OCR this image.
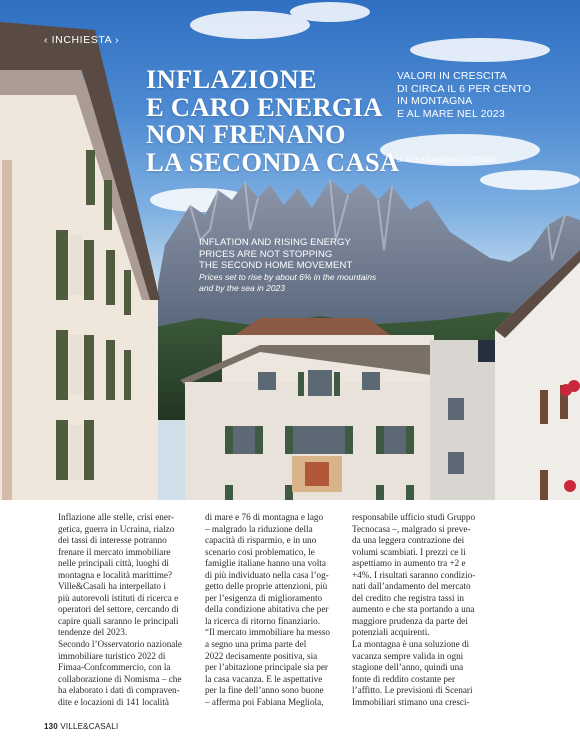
‹ INCHIESTA ›
INFLAZIONE
E CARO ENERGIA
NON FRENANO
LA SECONDA CASA
VALORI IN CRESCITA
DI CIRCA IL 6 PER CENTO
IN MONTAGNA
E AL MARE NEL 2023
di ALESSANDRO LUONGO
INFLATION AND RISING ENERGY
PRICES ARE NOT STOPPING
THE SECOND HOME MOVEMENT
Prices set to rise by about 6% in the mountains
and by the sea in 2023

Inflazione alle stelle, crisi ener-

getica, guerra in Ucraina, rialzo

dei tassi di interesse potranno

frenare il mercato immobiliare

nelle principali città, luoghi di

montagna e località marittime?

Ville&Casali ha interpellato i

più autorevoli istituti di ricerca e

operatori del settore, cercando di

capire quali saranno le principali

tendenze del 2023.

Secondo l’Osservatorio nazionale

immobiliare turistico 2022 di

Fimaa-Confcommercio, con la

collaborazione di Nomisma – che

ha elaborato i dati di compraven-

dite e locazioni di 141 località

di mare e 76 di montagna e lago

– malgrado la riduzione della

capacità di risparmio, e in uno

scenario così problematico, le

famiglie italiane hanno una volta

di più individuato nella casa l’og-

getto delle proprie attenzioni, più

per l’esigenza di miglioramento

della condizione abitativa che per

la ricerca di ritorno finanziario.

“Il mercato immobiliare ha messo

a segno una prima parte del

2022 decisamente positiva, sia

per l’abitazione principale sia per

la casa vacanza. E le aspettative

per la fine dell’anno sono buone

– afferma poi Fabiana Megliola,

responsabile ufficio studi Gruppo

Tecnocasa –, malgrado si preve-

da una leggera contrazione dei

volumi scambiati. I prezzi ce li

aspettiamo in aumento tra +2 e

+4%. I risultati saranno condizio-

nati dall’andamento del mercato

del credito che registra tassi in

aumento e che sta portando a una

maggiore prudenza da parte dei

potenziali acquirenti.

La montagna è una soluzione di

vacanza sempre valida in ogni

stagione dell’anno, quindi una

fonte di reddito costante per

l’affitto. Le previsioni di Scenari

Immobiliari stimano una cresci-

130 VILLE&CASALI
